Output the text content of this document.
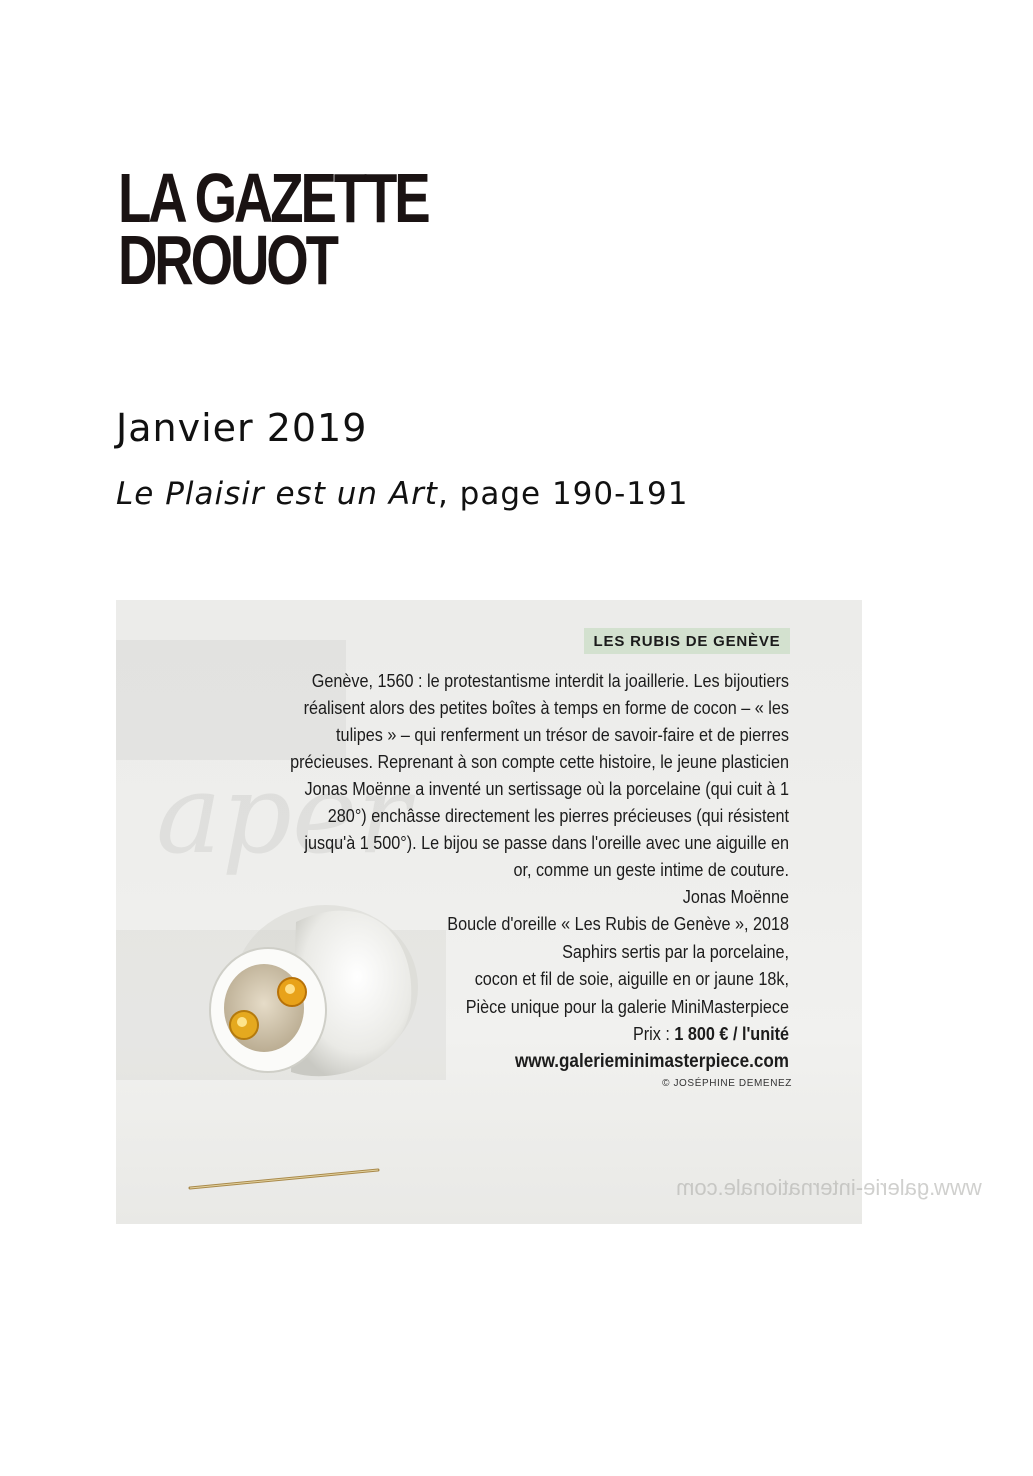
LA GAZETTE
DROUOT
Janvier 2019
Le Plaisir est un Art, page 190-191
aper
www.galerie-internationale.com
LES RUBIS DE GENÈVE

Genève, 1560 : le protestantisme interdit la joaillerie. Les bijoutiers réalisent alors des petites boîtes à temps en forme de cocon – « les tulipes » – qui renferment un trésor de savoir-faire et de pierres précieuses. Reprenant à son compte cette histoire, le jeune plasticien Jonas Moënne a inventé un sertissage où la porcelaine (qui cuit à 1 280°) enchâsse directement les pierres précieuses (qui résistent jusqu'à 1 500°). Le bijou se passe dans l'oreille avec une aiguille en or, comme un geste intime de couture.

Jonas Moënne
Boucle d'oreille « Les Rubis de Genève », 2018
Saphirs sertis par la porcelaine,
cocon et fil de soie, aiguille en or jaune 18k,
Pièce unique pour la galerie MiniMasterpiece
Prix : 1 800 € / l'unité
www.galerieminimasterpiece.com
© JOSÉPHINE DEMENEZ
